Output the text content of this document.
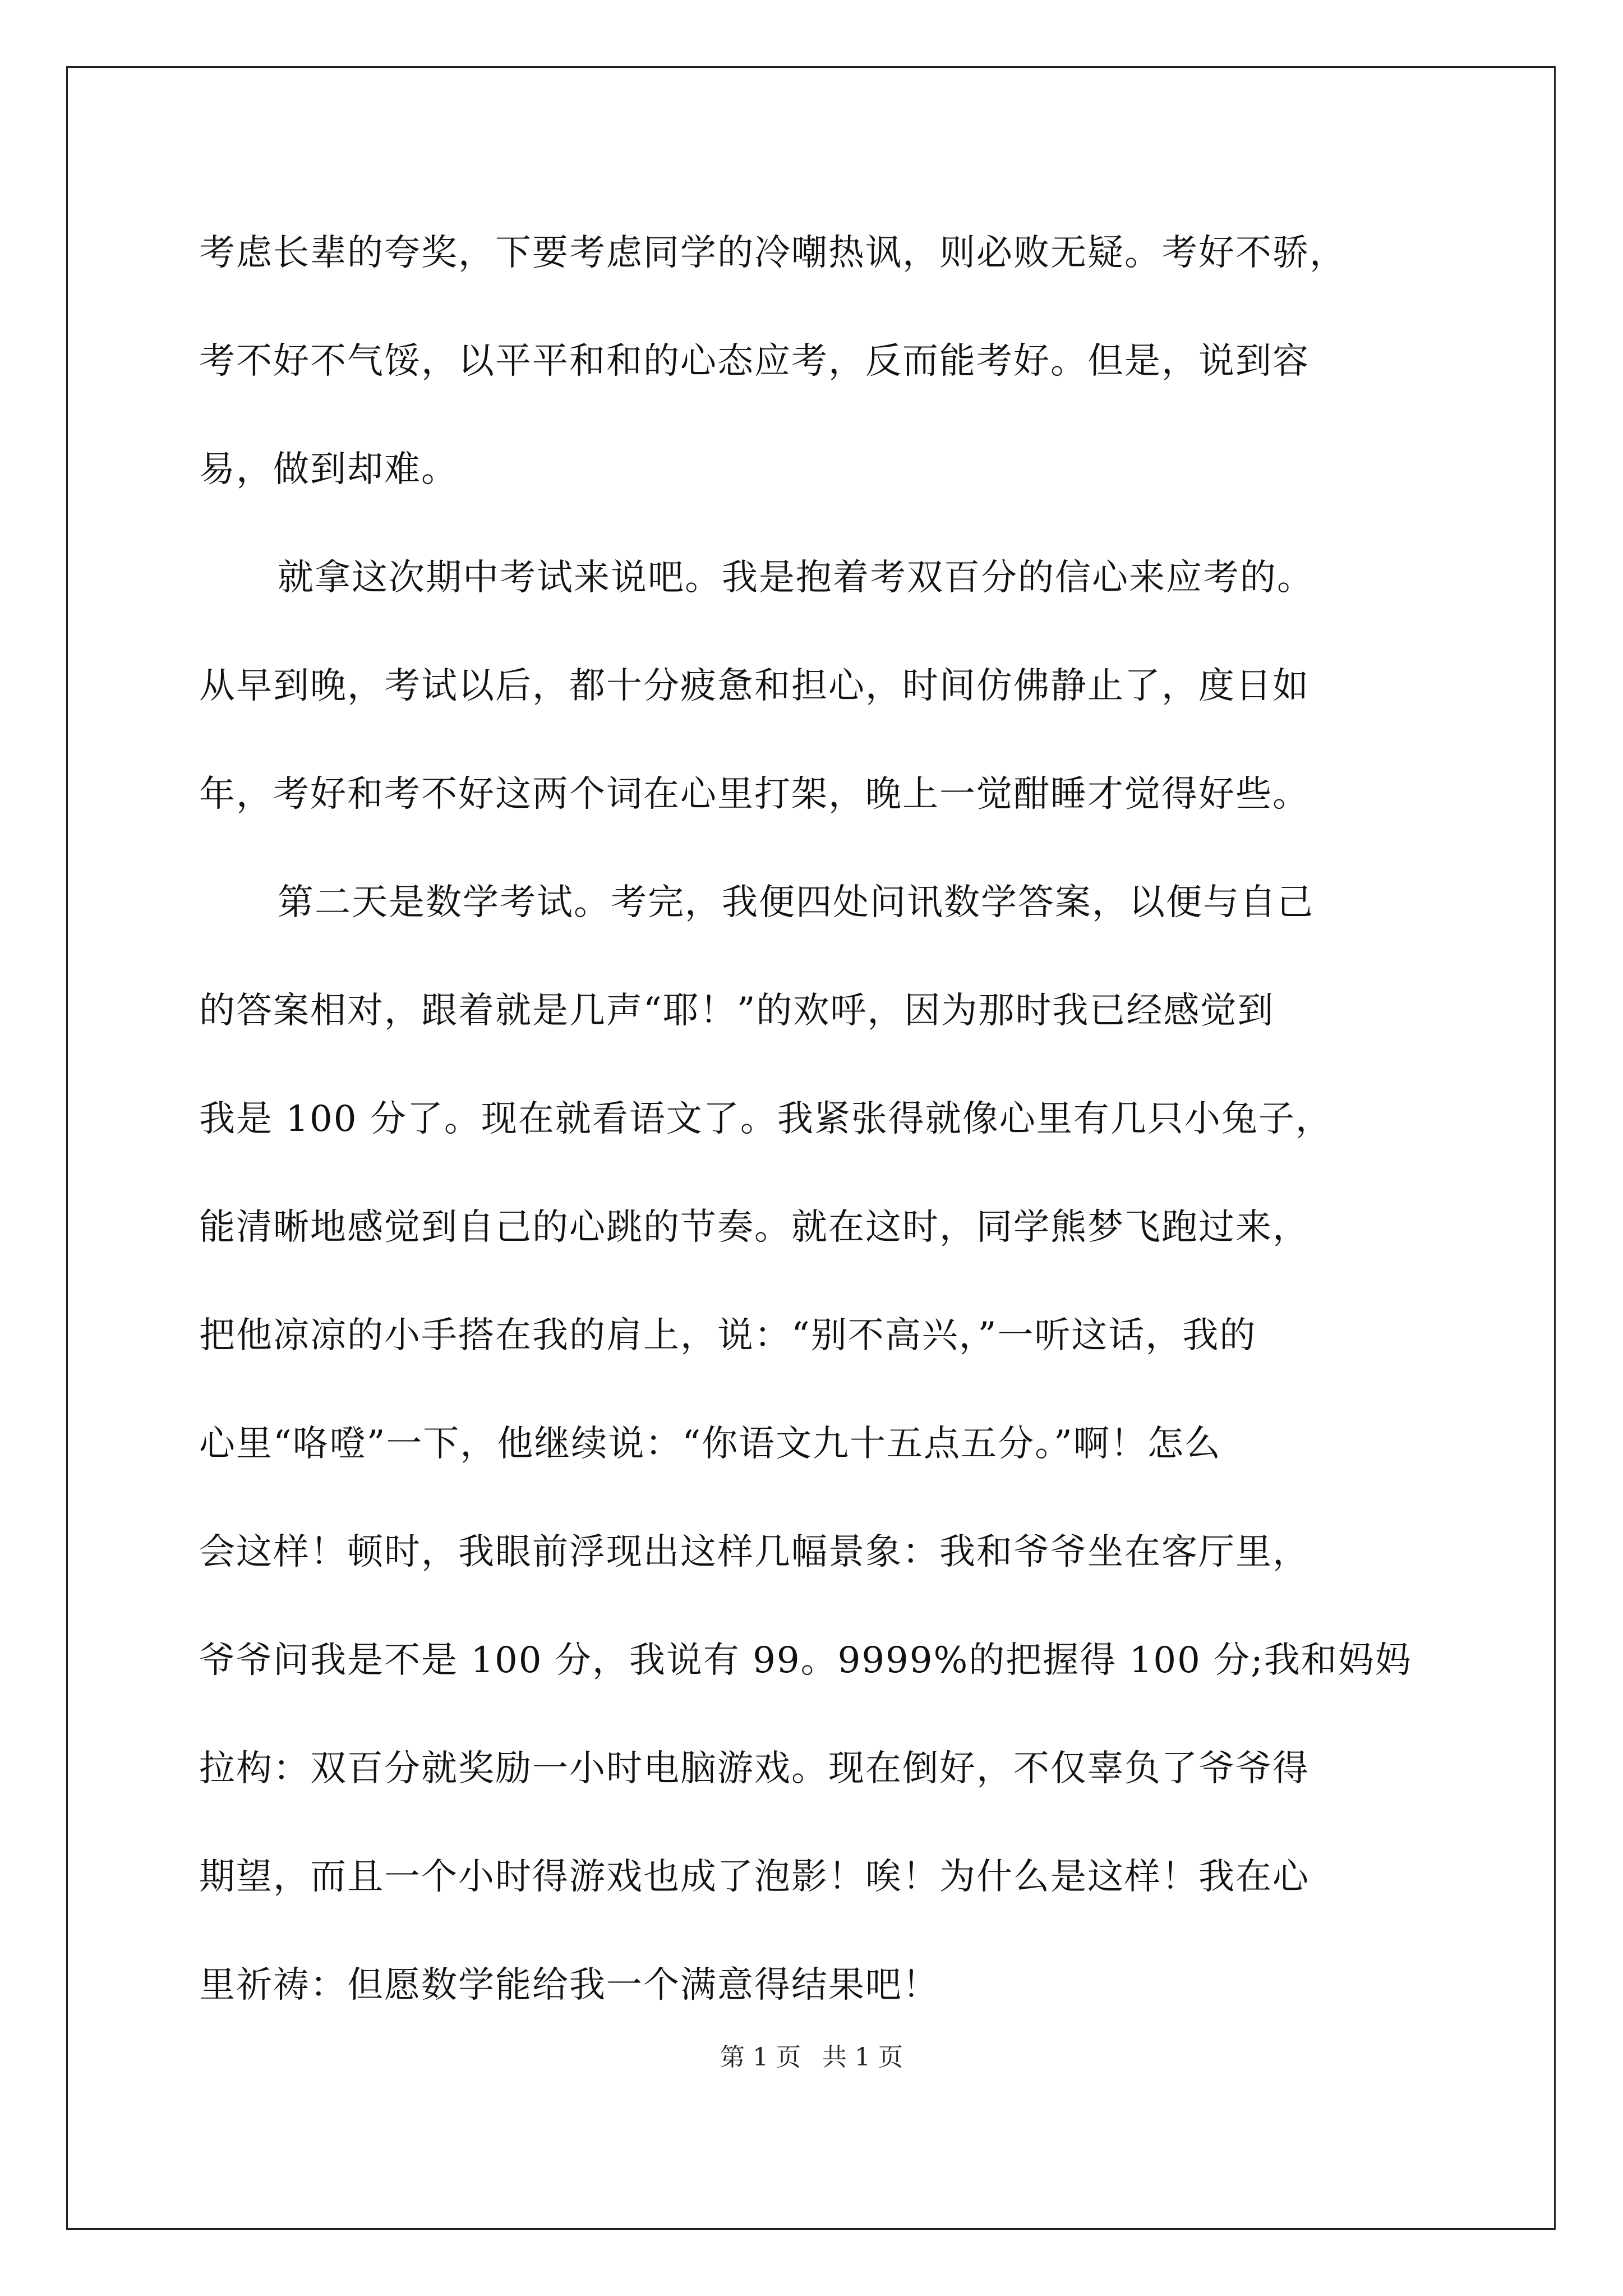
考虑长辈的夸奖，下要考虑同学的冷嘲热讽，则必败无疑。考好不骄，
考不好不气馁，以平平和和的心态应考，反而能考好。但是，说到容
易，做到却难。

就拿这次期中考试来说吧。我是抱着考双百分的信心来应考的。
从早到晚，考试以后，都十分疲惫和担心，时间仿佛静止了，度日如
年，考好和考不好这两个词在心里打架，晚上一觉酣睡才觉得好些。

第二天是数学考试。考完，我便四处问讯数学答案，以便与自己
的答案相对，跟着就是几声“耶！”的欢呼，因为那时我已经感觉到
我是 100 分了。现在就看语文了。我紧张得就像心里有几只小兔子，
能清晰地感觉到自己的心跳的节奏。就在这时，同学熊梦飞跑过来，
把他凉凉的小手搭在我的肩上，说：“别不高兴，”一听这话，我的
心里“咯噔”一下，他继续说：“你语文九十五点五分。”啊！怎么
会这样！顿时，我眼前浮现出这样几幅景象：我和爷爷坐在客厅里，
爷爷问我是不是 100 分，我说有 99。9999%的把握得 100 分;我和妈妈
拉构：双百分就奖励一小时电脑游戏。现在倒好，不仅辜负了爷爷得
期望，而且一个小时得游戏也成了泡影！唉！为什么是这样！我在心
里祈祷：但愿数学能给我一个满意得结果吧！

第 1 页 共 1 页
